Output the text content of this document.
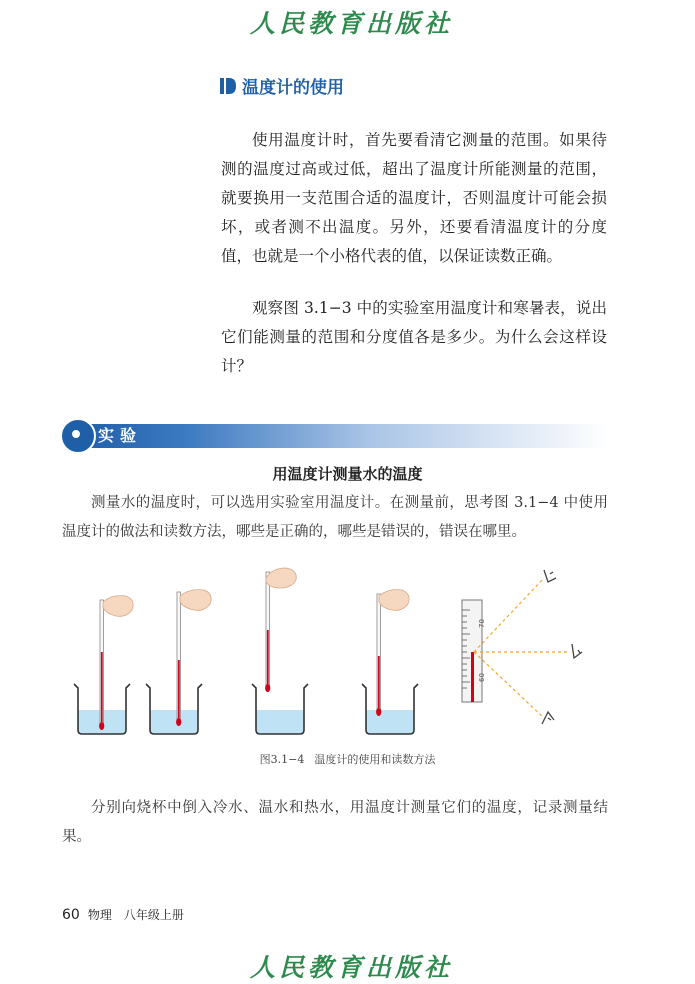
人民教育出版社
温度计的使用

使用温度计时，首先要看清它测量的范围。如果待测的温度过高或过低，超出了温度计所能测量的范围，就要换用一支范围合适的温度计，否则温度计可能会损坏，或者测不出温度。另外，还要看清温度计的分度值，也就是一个小格代表的值，以保证读数正确。

观察图 3.1−3 中的实验室用温度计和寒暑表，说出它们能测量的范围和分度值各是多少。为什么会这样设计？

实验
用温度计测量水的温度

测量水的温度时，可以选用实验室用温度计。在测量前，思考图 3.1−4 中使用温度计的做法和读数方法，哪些是正确的，哪些是错误的，错误在哪里。

70
60
图3.1−4 温度计的使用和读数方法

分别向烧杯中倒入冷水、温水和热水，用温度计测量它们的温度，记录测量结果。

60 物理 八年级上册
人民教育出版社
